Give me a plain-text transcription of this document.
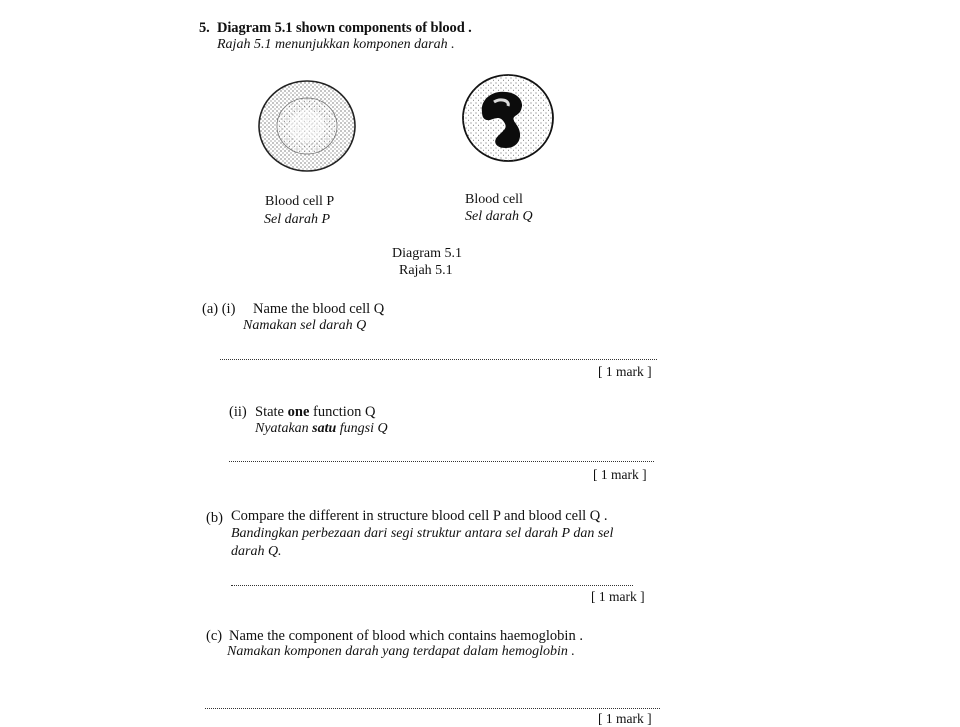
5. Diagram 5.1 shown components of blood .
Rajah 5.1 menunjukkan komponen darah .
Blood cell P
Sel darah P
Blood cell
Sel darah Q
Diagram 5.1
Rajah 5.1
(a) (i) Name the blood cell Q
Namakan sel darah Q
[ 1 mark ]
(ii) State one function Q
Nyatakan satu fungsi Q
[ 1 mark ]
(b) Compare the different in structure blood cell P and blood cell Q .
Bandingkan perbezaan dari segi struktur antara sel darah P dan sel
darah Q.
[ 1 mark ]
(c) Name the component of blood which contains haemoglobin .
Namakan komponen darah yang terdapat dalam hemoglobin .
[ 1 mark ]
